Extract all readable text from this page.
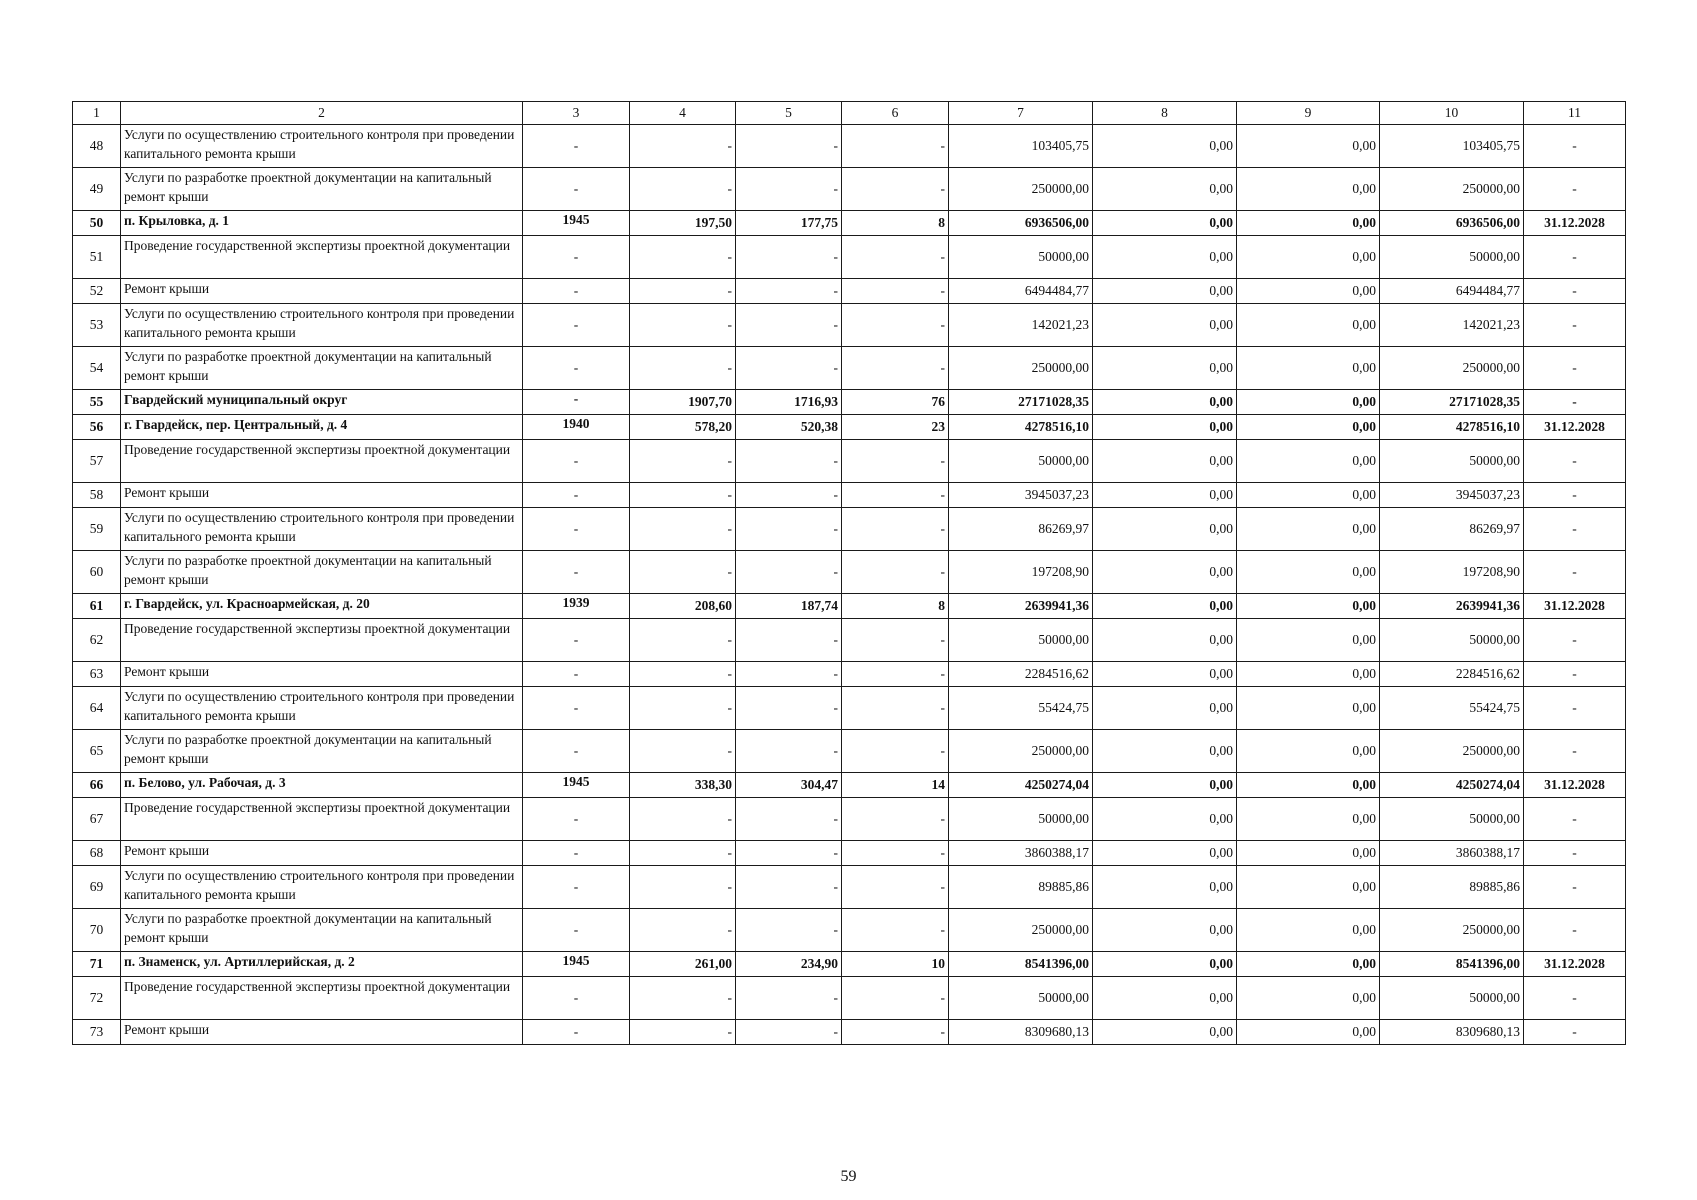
1	2	3	4	5	6	7	8	9	10	11
48	Услуги по осуществлению строительного контроля при проведении капитального ремонта крыши	-	-	-	-	103405,75	0,00	0,00	103405,75	-
49	Услуги по разработке проектной документации на капитальный ремонт крыши	-	-	-	-	250000,00	0,00	0,00	250000,00	-
50	п. Крыловка, д. 1	1945	197,50	177,75	8	6936506,00	0,00	0,00	6936506,00	31.12.2028
51	Проведение государственной экспертизы проектной документации	-	-	-	-	50000,00	0,00	0,00	50000,00	-
52	Ремонт крыши	-	-	-	-	6494484,77	0,00	0,00	6494484,77	-
53	Услуги по осуществлению строительного контроля при проведении капитального ремонта крыши	-	-	-	-	142021,23	0,00	0,00	142021,23	-
54	Услуги по разработке проектной документации на капитальный ремонт крыши	-	-	-	-	250000,00	0,00	0,00	250000,00	-
55	Гвардейский муниципальный округ	-	1907,70	1716,93	76	27171028,35	0,00	0,00	27171028,35	-
56	г. Гвардейск, пер. Центральный, д. 4	1940	578,20	520,38	23	4278516,10	0,00	0,00	4278516,10	31.12.2028
57	Проведение государственной экспертизы проектной документации	-	-	-	-	50000,00	0,00	0,00	50000,00	-
58	Ремонт крыши	-	-	-	-	3945037,23	0,00	0,00	3945037,23	-
59	Услуги по осуществлению строительного контроля при проведении капитального ремонта крыши	-	-	-	-	86269,97	0,00	0,00	86269,97	-
60	Услуги по разработке проектной документации на капитальный ремонт крыши	-	-	-	-	197208,90	0,00	0,00	197208,90	-
61	г. Гвардейск, ул. Красноармейская, д. 20	1939	208,60	187,74	8	2639941,36	0,00	0,00	2639941,36	31.12.2028
62	Проведение государственной экспертизы проектной документации	-	-	-	-	50000,00	0,00	0,00	50000,00	-
63	Ремонт крыши	-	-	-	-	2284516,62	0,00	0,00	2284516,62	-
64	Услуги по осуществлению строительного контроля при проведении капитального ремонта крыши	-	-	-	-	55424,75	0,00	0,00	55424,75	-
65	Услуги по разработке проектной документации на капитальный ремонт крыши	-	-	-	-	250000,00	0,00	0,00	250000,00	-
66	п. Белово, ул. Рабочая, д. 3	1945	338,30	304,47	14	4250274,04	0,00	0,00	4250274,04	31.12.2028
67	Проведение государственной экспертизы проектной документации	-	-	-	-	50000,00	0,00	0,00	50000,00	-
68	Ремонт крыши	-	-	-	-	3860388,17	0,00	0,00	3860388,17	-
69	Услуги по осуществлению строительного контроля при проведении капитального ремонта крыши	-	-	-	-	89885,86	0,00	0,00	89885,86	-
70	Услуги по разработке проектной документации на капитальный ремонт крыши	-	-	-	-	250000,00	0,00	0,00	250000,00	-
71	п. Знаменск, ул. Артиллерийская, д. 2	1945	261,00	234,90	10	8541396,00	0,00	0,00	8541396,00	31.12.2028
72	Проведение государственной экспертизы проектной документации	-	-	-	-	50000,00	0,00	0,00	50000,00	-
73	Ремонт крыши	-	-	-	-	8309680,13	0,00	0,00	8309680,13	-
59
